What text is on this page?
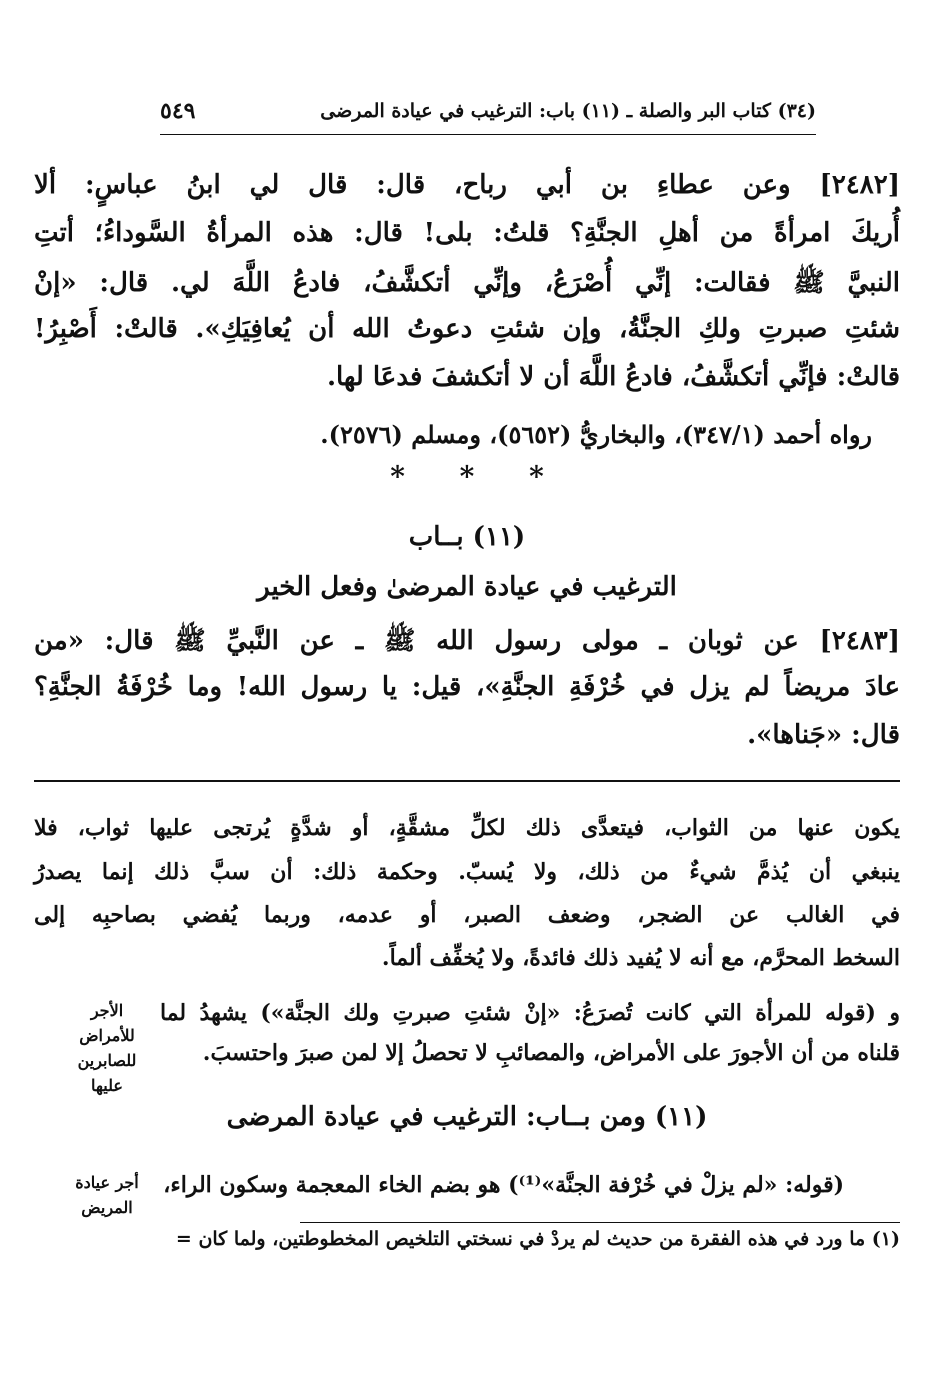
(٣٤) كتاب البر والصلة ـ (١١) باب: الترغيب في عيادة المرضى
٥٤٩
[٢٤٨٢] وعن عطاءِ بن أبي رباح، قال: قال لي ابنُ عباسٍ: ألا
أُريكَ امرأةً من أهلِ الجنَّةِ؟ قلتُ: بلى! قال: هذه المرأةُ السَّوداءُ؛ أتتِ
النبيَّ ﷺ فقالت: إنِّي أُصْرَعُ، وإنِّي أتكشَّفُ، فادعُ اللَّهَ لي. قال: «إنْ
شئتِ صبرتِ ولكِ الجنَّةُ، وإن شئتِ دعوتُ الله أن يُعافِيَكِ». قالتْ: أَصْبِرُ!
قالتْ: فإنِّي أتكشَّفُ، فادعُ اللَّهَ أن لا أتكشفَ فدعَا لها.
رواه أحمد (٣٤٧/١)، والبخاريُّ (٥٦٥٢)، ومسلم (٢٥٧٦).
* * *
(١١) بــاب
الترغيب في عيادة المرضىٰ وفعل الخير
[٢٤٨٣] عن ثوبان ـ مولى رسول الله ﷺ ـ عن النَّبيِّ ﷺ قال: «من
عادَ مريضاً لم يزل في خُرْفَةِ الجنَّةِ»، قيل: يا رسول الله! وما خُرْفَةُ الجنَّةِ؟
قال: «جَناها».
يكون عنها من الثواب، فيتعدَّى ذلك لكلِّ مشقَّةٍ، أو شدَّةٍ يُرتجى عليها ثواب، فلا
ينبغي أن يُذمَّ شيءٌ من ذلك، ولا يُسبّ. وحكمة ذلك: أن سبَّ ذلك إنما يصدرُ
في الغالب عن الضجر، وضعف الصبر، أو عدمه، وربما يُفضي بصاحبِه إلى
السخط المحرَّم، مع أنه لا يُفيد ذلك فائدةً، ولا يُخفِّف ألماً.
و (قوله للمرأة التي كانت تُصرَعُ: «إنْ شئتِ صبرتِ ولك الجنَّة») يشهدُ لما
قلناه من أن الأجورَ على الأمراض، والمصائبِ لا تحصلُ إلا لمن صبرَ واحتسبَ.
الأجر
للأمراض
للصابرين
عليها
(١١) ومن بــاب: الترغيب في عيادة المرضى
(قوله: «لم يزلْ في خُرْفة الجنَّة»⁽¹⁾) هو بضم الخاء المعجمة وسكون الراء،
أجر عيادة
المريض
(١) ما ورد في هذه الفقرة من حديث لم يردْ في نسختي التلخيص المخطوطتين، ولما كان =
